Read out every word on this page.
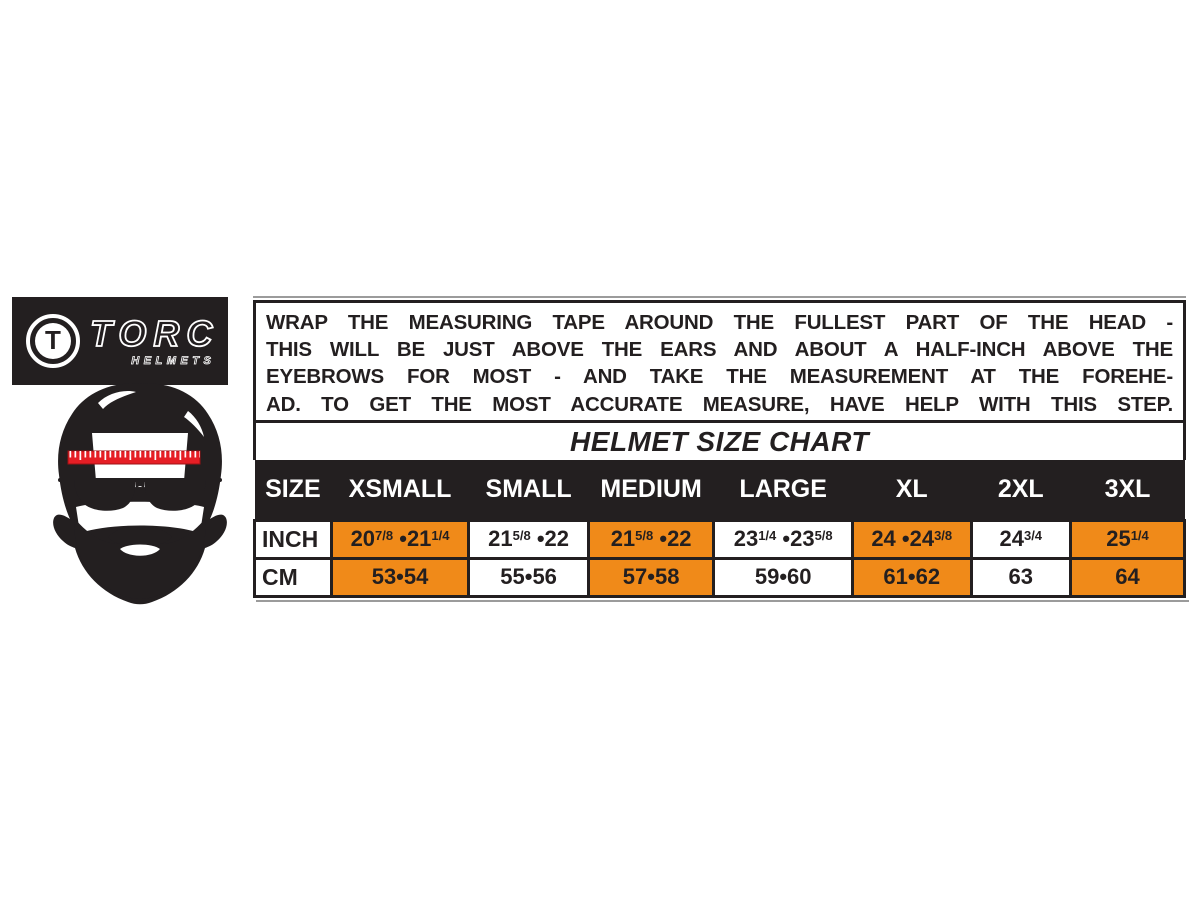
T TORC
HELMETS
WRAP THE MEASURING TAPE AROUND THE FULLEST PART OF THE HEAD -
THIS WILL BE JUST ABOVE THE EARS AND ABOUT A HALF-INCH ABOVE THE
EYEBROWS FOR MOST - AND TAKE THE MEASUREMENT AT THE FOREHE-
AD. TO GET THE MOST ACCURATE MEASURE, HAVE HELP WITH THIS STEP.
HELMET SIZE CHART
SIZE	XSMALL	SMALL	MEDIUM	LARGE	XL	2XL	3XL
INCH	$20^{7/8}$ $•21^{1/4}$	$21^{5/8}$ •22	$21^{5/8}$ •22	$23^{1/4}$ $•23^{5/8}$	24 $•24^{3/8}$	$24^{3/4}$	$25^{1/4}$
CM	53•54	55•56	57•58	59•60	61•62	63	64
